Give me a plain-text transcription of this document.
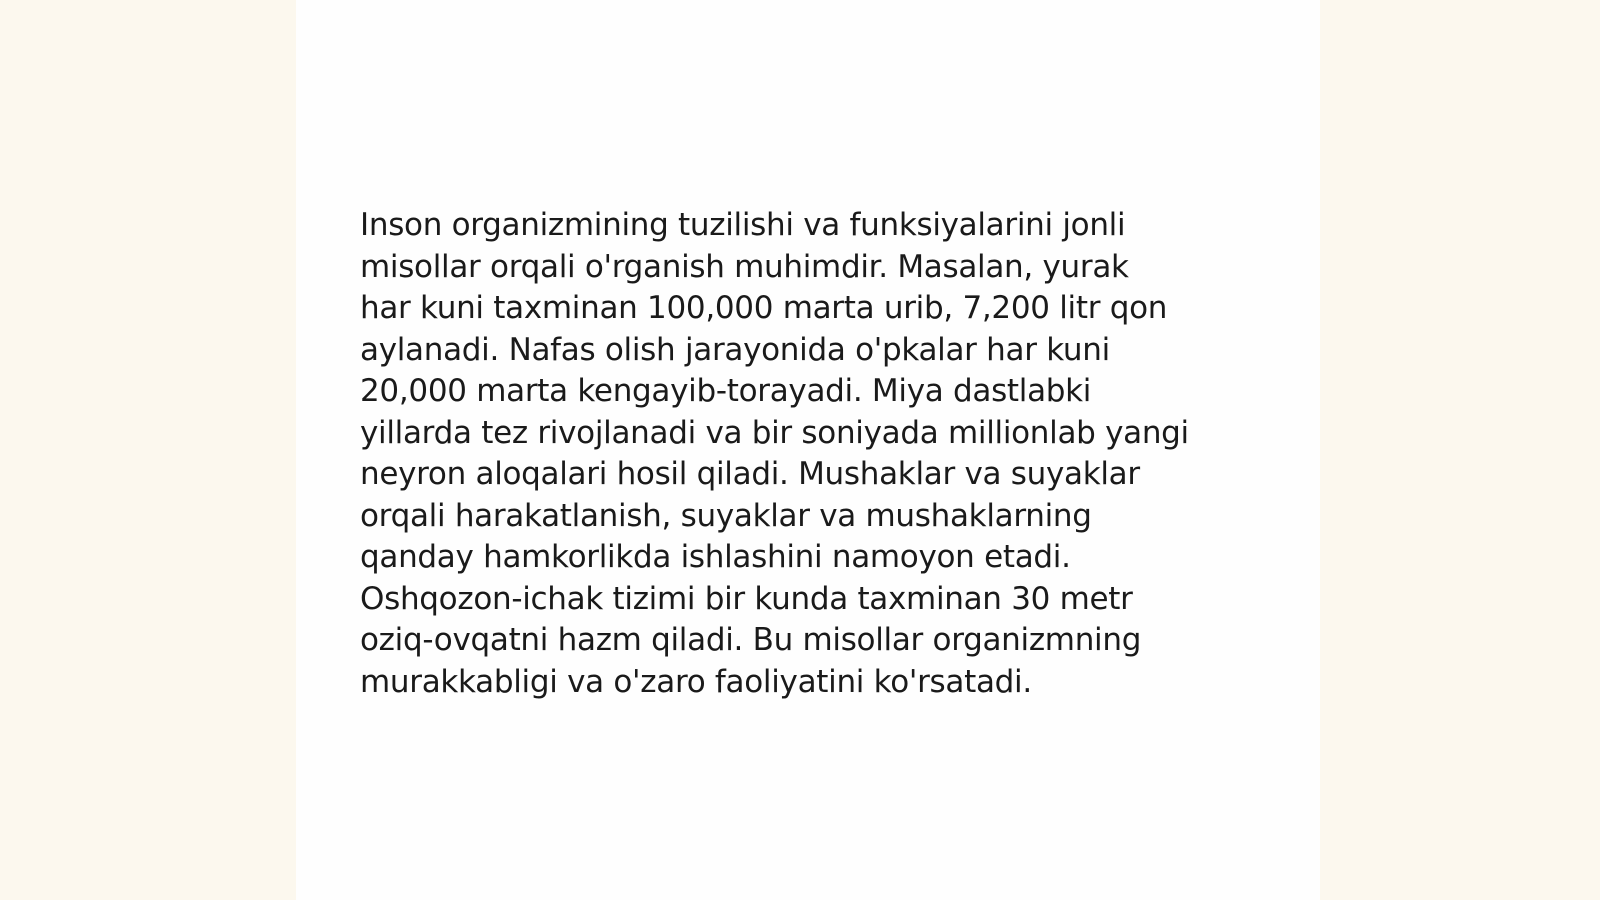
Inson organizmining tuzilishi va funksiyalarini jonli
misollar orqali o'rganish muhimdir. Masalan, yurak
har kuni taxminan 100,000 marta urib, 7,200 litr qon
aylanadi. Nafas olish jarayonida o'pkalar har kuni
20,000 marta kengayib-torayadi. Miya dastlabki
yillarda tez rivojlanadi va bir soniyada millionlab yangi
neyron aloqalari hosil qiladi. Mushaklar va suyaklar
orqali harakatlanish, suyaklar va mushaklarning
qanday hamkorlikda ishlashini namoyon etadi.
Oshqozon-ichak tizimi bir kunda taxminan 30 metr
oziq-ovqatni hazm qiladi. Bu misollar organizmning
murakkabligi va o'zaro faoliyatini ko'rsatadi.
